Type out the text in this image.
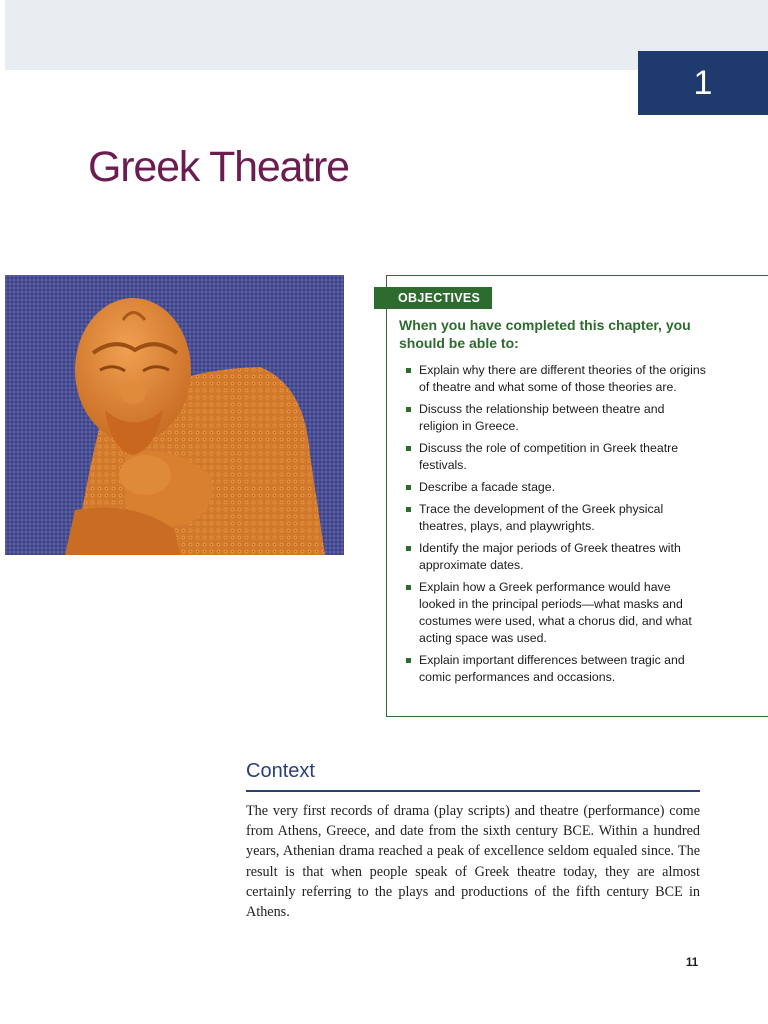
1
Greek Theatre
OBJECTIVES

When you have completed this chapter, you should be able to:

Explain why there are different theories of the origins of theatre and what some of those theories are.
Discuss the relationship between theatre and religion in Greece.
Discuss the role of competition in Greek theatre festivals.
Describe a facade stage.
Trace the development of the Greek physical theatres, plays, and playwrights.
Identify the major periods of Greek theatres with approximate dates.
Explain how a Greek performance would have looked in the principal periods—what masks and costumes were used, what a chorus did, and what acting space was used.
Explain important differences between tragic and comic performances and occasions.
Context

The very first records of drama (play scripts) and theatre (performance) come from Athens, Greece, and date from the sixth century BCE. Within a hundred years, Athenian drama reached a peak of excellence seldom equaled since. The result is that when people speak of Greek theatre today, they are almost certainly referring to the plays and productions of the fifth century BCE in Athens.

11
